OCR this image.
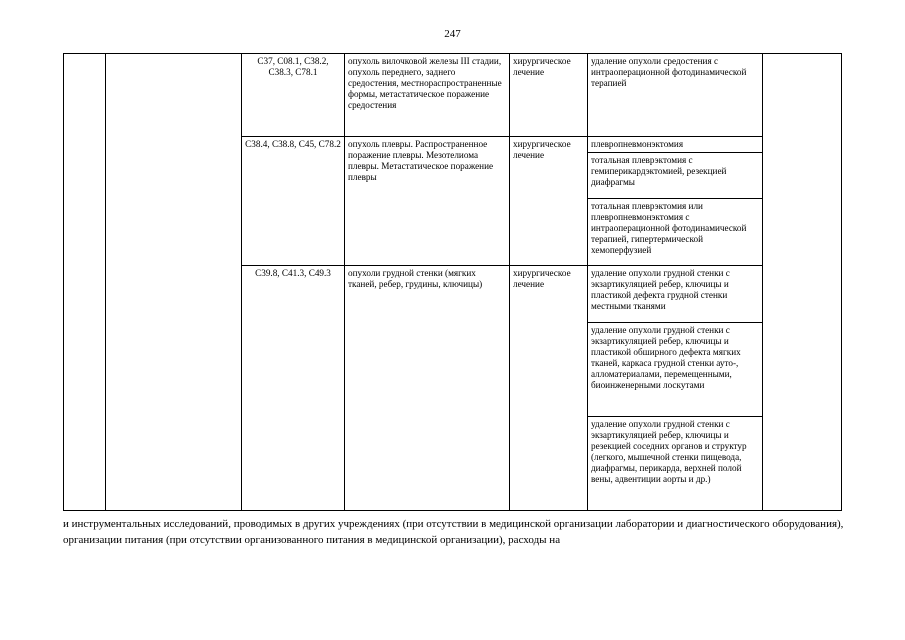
247
		C37, C08.1, C38.2, C38.3, C78.1	опухоль вилочковой железы III стадии, опухоль переднего, заднего средостения, местнораспространенные формы, метастатическое поражение средостения	хирургическое лечение	удаление опухоли средостения с интраоперационной фотодинамической терапией	
		C38.4, C38.8, C45, C78.2	опухоль плевры. Распространенное поражение плевры. Мезотелиома плевры. Метастатическое поражение плевры	хирургическое лечение	плевропневмонэктомия	
					тотальная плеврэктомия с гемиперикардэктомией, резекцией диафрагмы	
					тотальная плеврэктомия или плевропневмонэктомия с интраоперационной фотодинамической терапией, гипертермической хемоперфузией	
		C39.8, C41.3, C49.3	опухоли грудной стенки (мягких тканей, ребер, грудины, ключицы)	хирургическое лечение	удаление опухоли грудной стенки с экзартикуляцией ребер, ключицы и пластикой дефекта грудной стенки местными тканями	
					удаление опухоли грудной стенки с экзартикуляцией ребер, ключицы и пластикой обширного дефекта мягких тканей, каркаса грудной стенки ауто-, алломатериалами, перемещенными, биоинженерными лоскутами	
					удаление опухоли грудной стенки с экзартикуляцией ребер, ключицы и резекцией соседних органов и структур (легкого, мышечной стенки пищевода, диафрагмы, перикарда, верхней полой вены, адвентиции аорты и др.)	
и инструментальных исследований, проводимых в других учреждениях (при отсутствии в медицинской организации лаборатории и диагностического оборудования), организации питания (при отсутствии организованного питания в медицинской организации), расходы на
